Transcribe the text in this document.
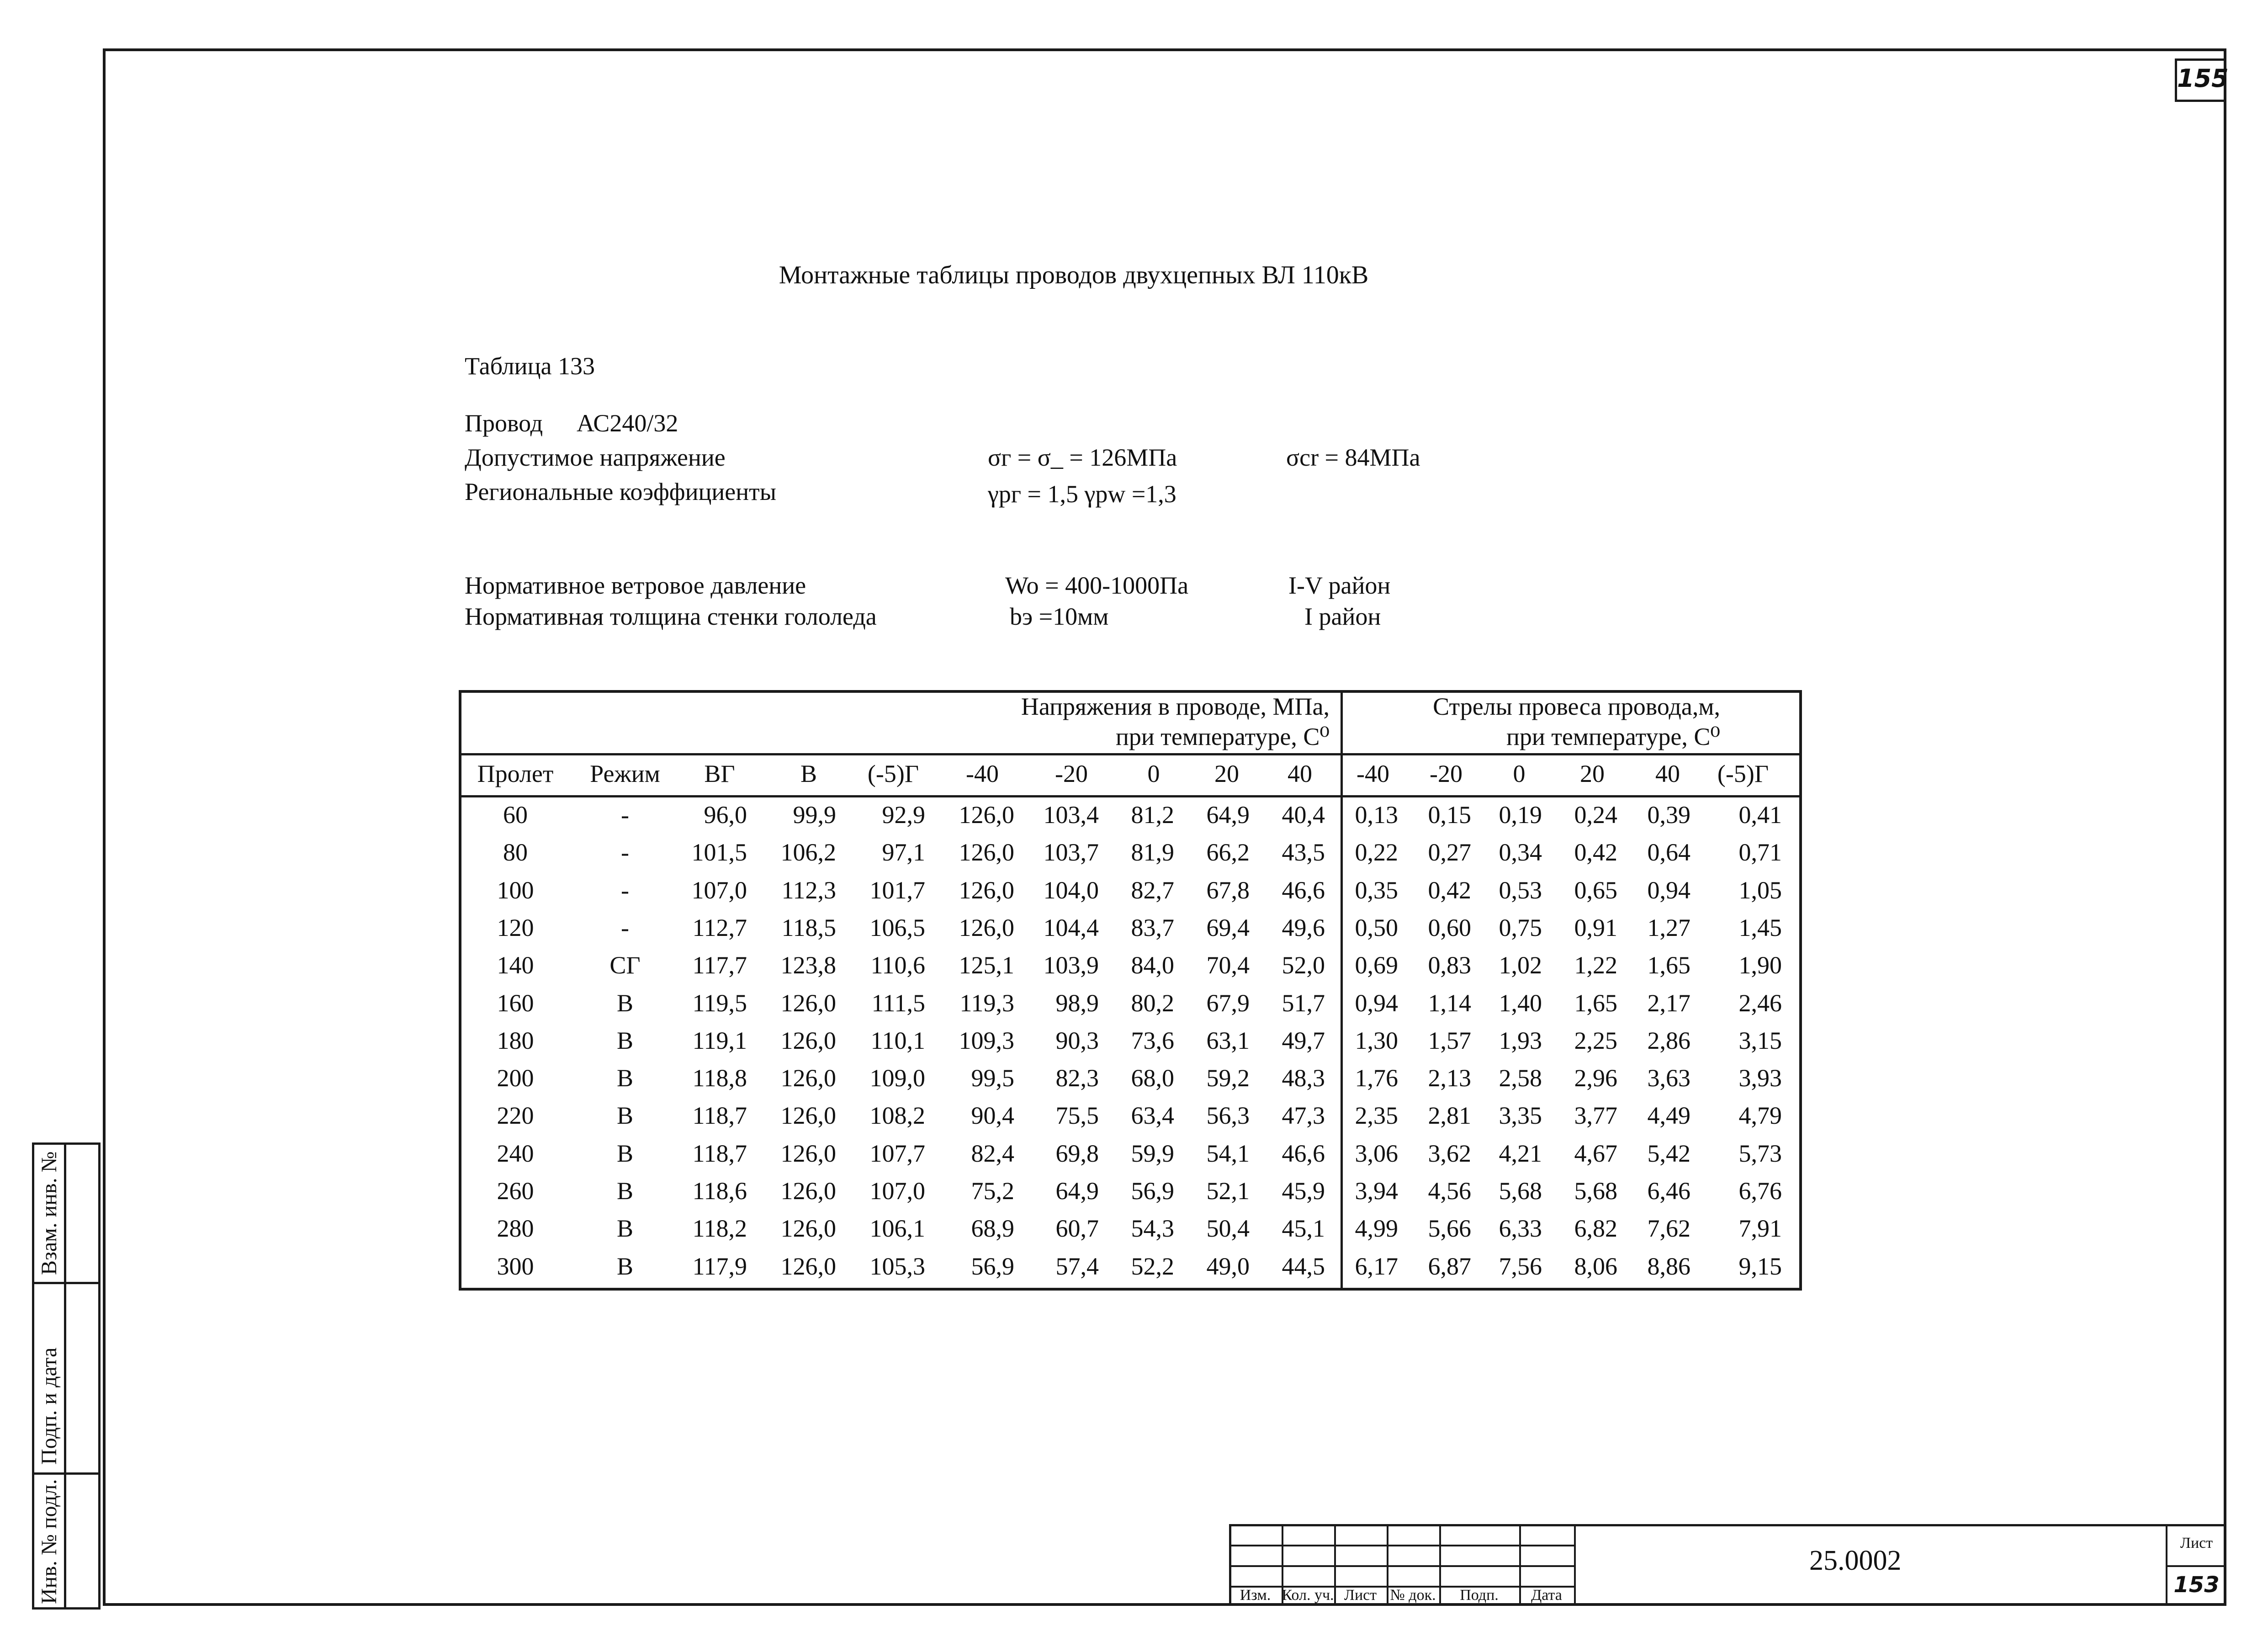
155
Монтажные таблицы проводов двухцепных ВЛ 110кВ
Таблица 133
Провод АС240/32
Допустимое напряжение	σг = σ_ = 126МПа	σcr = 84МПа
Региональные коэффициенты	γpг = 1,5 γpw =1,3
Нормативное ветровое давление	Wo = 400-1000Па	I-V район
Нормативная толщина стенки гололеда	bэ =10мм	I район
Напряжения в проводе, МПа,
при температуре, C⁰
Стрелы провеса провода,м,
при температуре, C⁰
Пролет	Режим	ВГ	В	(-5)Г	-40	-20	0	20	40	-40	-20	0	20	40	(-5)Г
60	-	96,0	99,9	92,9	126,0	103,4	81,2	64,9	40,4	0,13	0,15	0,19	0,24	0,39	0,41
80	-	101,5	106,2	97,1	126,0	103,7	81,9	66,2	43,5	0,22	0,27	0,34	0,42	0,64	0,71
100	-	107,0	112,3	101,7	126,0	104,0	82,7	67,8	46,6	0,35	0,42	0,53	0,65	0,94	1,05
120	-	112,7	118,5	106,5	126,0	104,4	83,7	69,4	49,6	0,50	0,60	0,75	0,91	1,27	1,45
140	СГ	117,7	123,8	110,6	125,1	103,9	84,0	70,4	52,0	0,69	0,83	1,02	1,22	1,65	1,90
160	В	119,5	126,0	111,5	119,3	98,9	80,2	67,9	51,7	0,94	1,14	1,40	1,65	2,17	2,46
180	В	119,1	126,0	110,1	109,3	90,3	73,6	63,1	49,7	1,30	1,57	1,93	2,25	2,86	3,15
200	В	118,8	126,0	109,0	99,5	82,3	68,0	59,2	48,3	1,76	2,13	2,58	2,96	3,63	3,93
220	В	118,7	126,0	108,2	90,4	75,5	63,4	56,3	47,3	2,35	2,81	3,35	3,77	4,49	4,79
240	В	118,7	126,0	107,7	82,4	69,8	59,9	54,1	46,6	3,06	3,62	4,21	4,67	5,42	5,73
260	В	118,6	126,0	107,0	75,2	64,9	56,9	52,1	45,9	3,94	4,56	5,68	5,68	6,46	6,76
280	В	118,2	126,0	106,1	68,9	60,7	54,3	50,4	45,1	4,99	5,66	6,33	6,82	7,62	7,91
300	В	117,9	126,0	105,3	56,9	57,4	52,2	49,0	44,5	6,17	6,87	7,56	8,06	8,86	9,15
Взам. инв. №
Подп. и дата
Инв. № подл.	Изм. Кол. уч. Лист № док.	Подп.	Дата
25.0002
Лист
153
